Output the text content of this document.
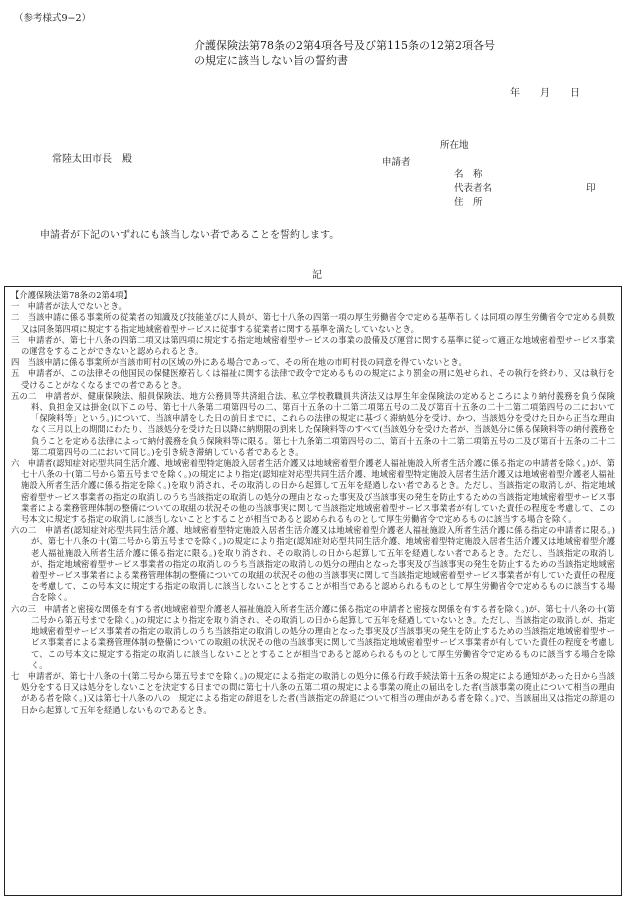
（参考様式9−2）
介護保険法第78条の2第4項各号及び第115条の12第2項各号
の規定に該当しない旨の誓約書
年 月 日
常陸太田市長　殿
所在地
申請者
名　称
代表者名	印
住　所
申請者が下記のいずれにも該当しない者であることを誓約します。
記

【介護保険法第78条の2第4項】

一　 申請者が法人でないとき。

二　 当該申請に係る事業所の従業者の知識及び技能並びに人員が、第七十八条の四第一項の厚生労働省令で定める基準若しくは同項の厚生労働省令で定める員数又は同条第四項に規定する指定地域密着型サービスに従事する従業者に関する基準を満たしていないとき。

三　 申請者が、第七十八条の四第二項又は第四項に規定する指定地域密着型サービスの事業の設備及び運営に関する基準に従って適正な地域密着型サービス事業の運営をすることができないと認められるとき。

四　 当該申請に係る事業所が当該市町村の区域の外にある場合であって、その所在地の市町村長の同意を得ていないとき。

五　 申請者が、この法律その他国民の保健医療若しくは福祉に関する法律で政令で定めるものの規定により罰金の刑に処せられ、その執行を終わり、又は執行を受けることがなくなるまでの者であるとき。

五の二　 申請者が、健康保険法、船員保険法、地方公務員等共済組合法、私立学校教職員共済法又は厚生年金保険法の定めるところにより納付義務を負う保険料、負担金又は掛金(以下この号、第七十八条第二項第四号の二、第百十五条の十二第二項第五号の二及び第百十五条の二十二第二項第四号の二において「保険料等」という。)について、当該申請をした日の前日までに、これらの法律の規定に基づく滞納処分を受け、かつ、当該処分を受けた日から正当な理由なく三月以上の期間にわたり、当該処分を受けた日以降に納期限の到来した保険料等のすべて(当該処分を受けた者が、当該処分に係る保険料等の納付義務を負うことを定める法律によって納付義務を負う保険料等に限る。第七十九条第二項第四号の二、第百十五条の十二第二項第五号の二及び第百十五条の二十二第二項第四号の二において同じ。)を引き続き滞納している者であるとき。

六　 申請者(認知症対応型共同生活介護、地域密着型特定施設入居者生活介護又は地域密着型介護老人福祉施設入所者生活介護に係る指定の申請者を除く。)が、第七十八条の十(第二号から第五号までを除く。)の規定により指定(認知症対応型共同生活介護、地域密着型特定施設入居者生活介護又は地域密着型介護老人福祉施設入所者生活介護に係る指定を除く。)を取り消され、その取消しの日から起算して五年を経過しない者であるとき。ただし、当該指定の取消しが、指定地域密着型サービス事業者の指定の取消しのうち当該指定の取消しの処分の理由となった事実及び当該事実の発生を防止するための当該指定地域密着型サービス事業者による業務管理体制の整備についての取組の状況その他の当該事実に関して当該指定地域密着型サービス事業者が有していた責任の程度を考慮して、この号本文に規定する指定の取消しに該当しないこととすることが相当であると認められるものとして厚生労働省令で定めるものに該当する場合を除く。

六の二　 申請者(認知症対応型共同生活介護、地域密着型特定施設入居者生活介護又は地域密着型介護老人福祉施設入所者生活介護に係る指定の申請者に限る。)が、第七十八条の十(第二号から第五号までを除く。)の規定により指定(認知症対応型共同生活介護、地域密着型特定施設入居者生活介護又は地域密着型介護老人福祉施設入所者生活介護に係る指定に限る。)を取り消され、その取消しの日から起算して五年を経過しない者であるとき。ただし、当該指定の取消しが、指定地域密着型サービス事業者の指定の取消しのうち当該指定の取消しの処分の理由となった事実及び当該事実の発生を防止するための当該指定地域密着型サービス事業者による業務管理体制の整備についての取組の状況その他の当該事実に関して当該指定地域密着型サービス事業者が有していた責任の程度を考慮して、この号本文に規定する指定の取消しに該当しないこととすることが相当であると認められるものとして厚生労働省令で定めるものに該当する場合を除く。

六の三　 申請者と密接な関係を有する者(地域密着型介護老人福祉施設入所者生活介護に係る指定の申請者と密接な関係を有する者を除く。)が、第七十八条の十(第二号から第五号までを除く。)の規定により指定を取り消され、その取消しの日から起算して五年を経過していないとき。ただし、当該指定の取消しが、指定地域密着型サービス事業者の指定の取消しのうち当該指定の取消しの処分の理由となった事実及び当該事実の発生を防止するための当該指定地域密着型サービス事業者による業務管理体制の整備についての取組の状況その他の当該事実に関して当該指定地域密着型サービス事業者が有していた責任の程度を考慮して、この号本文に規定する指定の取消しに該当しないこととすることが相当であると認められるものとして厚生労働省令で定めるものに該当する場合を除く。

七　 申請者が、第七十八条の十(第二号から第五号までを除く。)の規定による指定の取消しの処分に係る行政手続法第十五条の規定による通知があった日から当該処分をする日又は処分をしないことを決定する日までの間に第七十八条の五第二項の規定による事業の廃止の届出をした者(当該事業の廃止について相当の理由がある者を除く。)又は第七十八条の八の　規定による指定の辞退をした者(当該指定の辞退について相当の理由がある者を除く。)で、当該届出又は指定の辞退の日から起算して五年を経過しないものであるとき。
